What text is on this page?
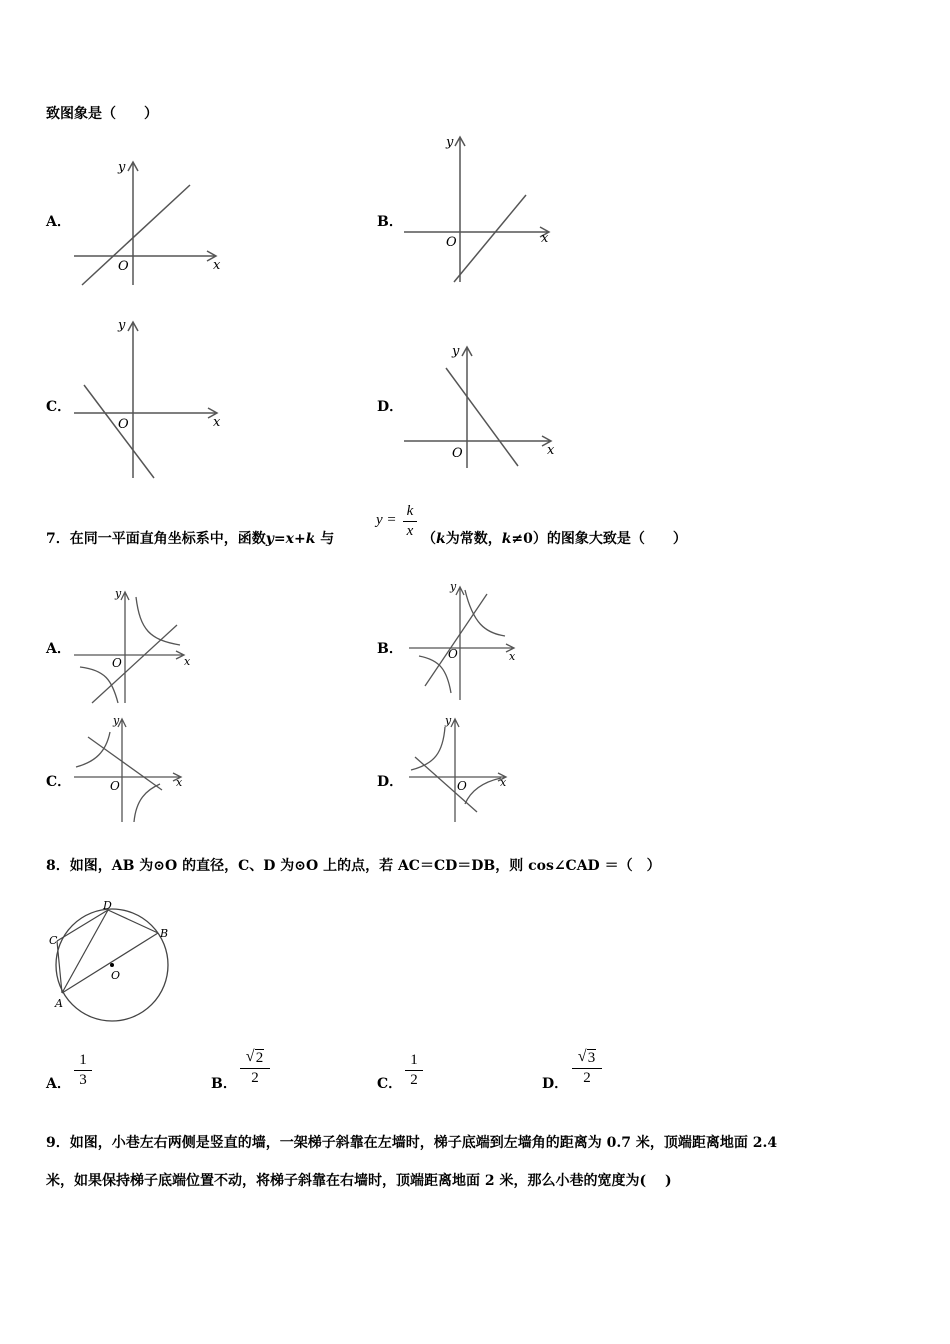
致图象是（　　）
A．
O	x
y
B．
O	x
y
C．
O	x
y
D．
O	x
y
7．在同一平面直角坐标系中，函数y=x+k 与
y =
k
x （k为常数，k≠0）的图象大致是（　　）
A．
O	x
y
B．	O	x
y
C．	O	x
y
D．	O	x
y
8．如图，AB 为⊙O 的直径，C、D 为⊙O 上的点，若 AC＝CD＝DB，则 cos∠CAD ＝（　）
A
B
C
D
O
A．
1
3	B．
√ 2
2	C．
1
2	D．
√ 3
2
9．如图，小巷左右两侧是竖直的墙，一架梯子斜靠在左墙时，梯子底端到左墙角的距离为 0.7 米，顶端距离地面 2.4
米，如果保持梯子底端位置不动，将梯子斜靠在右墙时，顶端距离地面 2 米，那么小巷的宽度为(　 )
